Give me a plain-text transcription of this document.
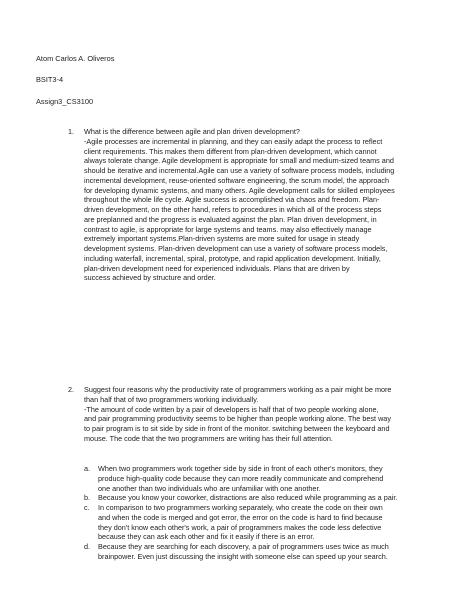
Atom Carlos A. Oliveros
BSIT3-4
Assign3_CS3100
1. What is the difference between agile and plan driven development?
-Agile processes are incremental in planning, and they can easily adapt the process to reflect
client requirements. This makes them different from plan-driven development, which cannot
always tolerate change. Agile development is appropriate for small and medium-sized teams and
should be iterative and incremental.Agile can use a variety of software process models, including
incremental development, reuse-oriented software engineering, the scrum model, the approach
for developing dynamic systems, and many others. Agile development calls for skilled employees
throughout the whole life cycle. Agile success is accomplished via chaos and freedom. Plan-
driven development, on the other hand, refers to procedures in which all of the process steps
are preplanned and the progress is evaluated against the plan. Plan driven development, in
contrast to agile, is appropriate for large systems and teams. may also effectively manage
extremely important systems.Plan-driven systems are more suited for usage in steady
development systems. Plan-driven development can use a variety of software process models,
including waterfall, incremental, spiral, prototype, and rapid application development. Initially,
plan-driven development need for experienced individuals. Plans that are driven by
success achieved by structure and order.
2. Suggest four reasons why the productivity rate of programmers working as a pair might be more
than half that of two programmers working individually.
-The amount of code written by a pair of developers is half that of two people working alone,
and pair programming productivity seems to be higher than people working alone. The best way
to pair program is to sit side by side in front of the monitor. switching between the keyboard and
mouse. The code that the two programmers are writing has their full attention.
a. When two programmers work together side by side in front of each other's monitors, they
produce high-quality code because they can more readily communicate and comprehend
one another than two individuals who are unfamiliar with one another.
b. Because you know your coworker, distractions are also reduced while programming as a pair.
c. In comparison to two programmers working separately, who create the code on their own
and when the code is merged and got error, the error on the code is hard to find because
they don't know each other's work, a pair of programmers makes the code less defective
because they can ask each other and fix it easily if there is an error.
d. Because they are searching for each discovery, a pair of programmers uses twice as much
brainpower. Even just discussing the insight with someone else can speed up your search.
